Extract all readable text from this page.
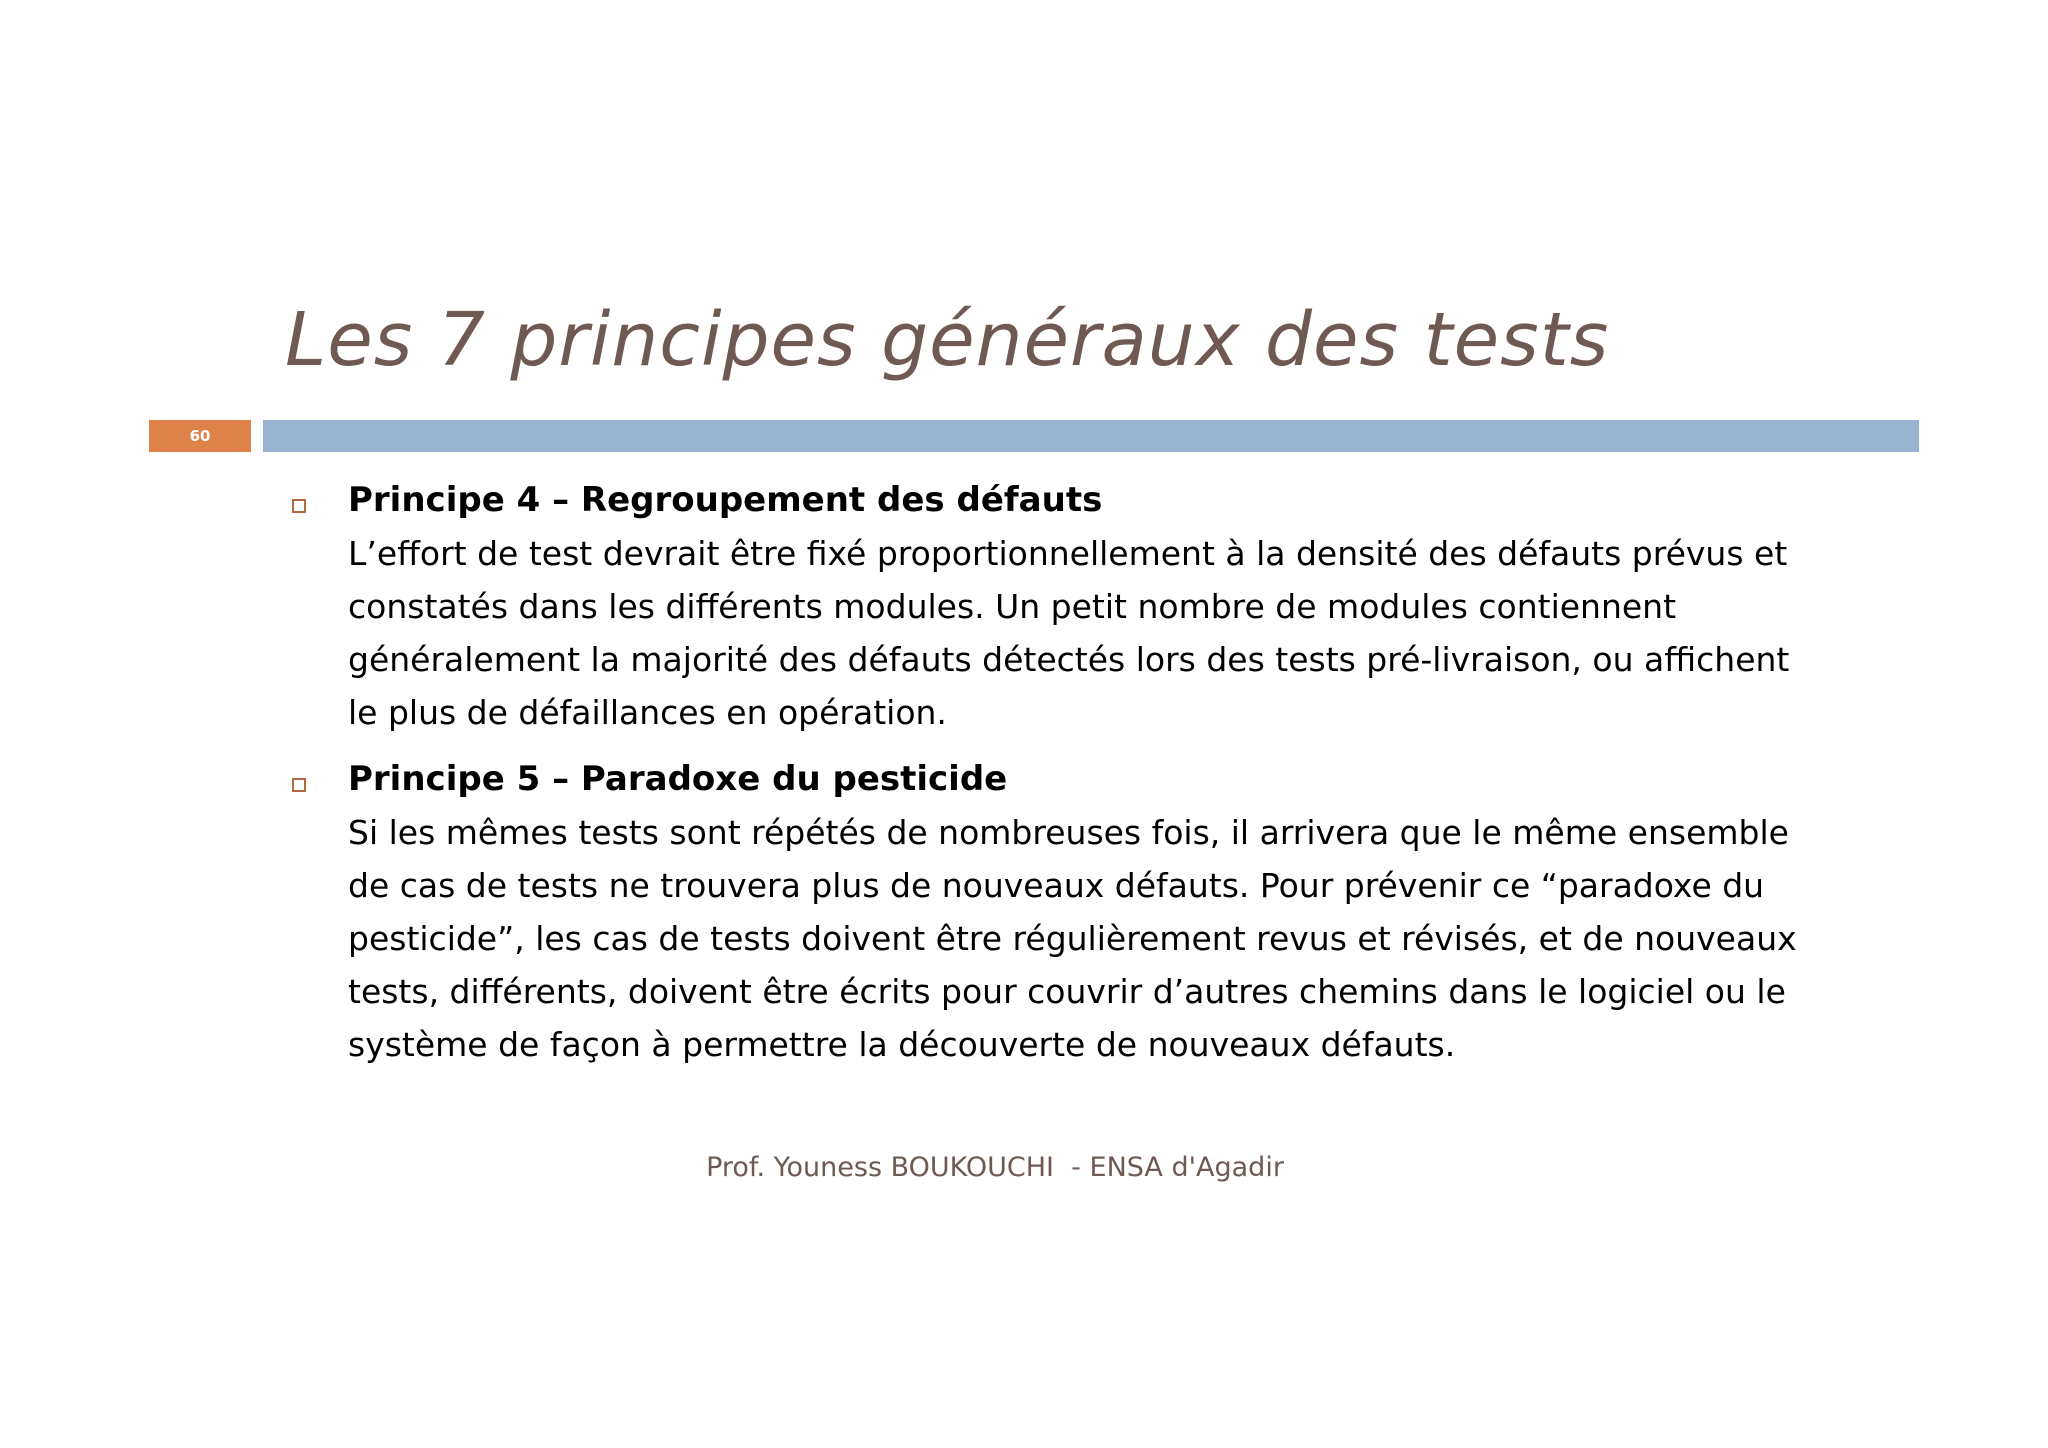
Les 7 principes généraux des tests
60
Principe 4 – Regroupement des défauts

L’effort de test devrait être fixé proportionnellement à la densité des défauts prévus et constatés dans les différents modules. Un petit nombre de modules contiennent généralement la majorité des défauts détectés lors des tests pré-livraison, ou affichent le plus de défaillances en opération.

Principe 5 – Paradoxe du pesticide

Si les mêmes tests sont répétés de nombreuses fois, il arrivera que le même ensemble de cas de tests ne trouvera plus de nouveaux défauts. Pour prévenir ce “paradoxe du pesticide”, les cas de tests doivent être régulièrement revus et révisés, et de nouveaux tests, différents, doivent être écrits pour couvrir d’autres chemins dans le logiciel ou le système de façon à permettre la découverte de nouveaux défauts.

Prof. Youness BOUKOUCHI  - ENSA d'Agadir
